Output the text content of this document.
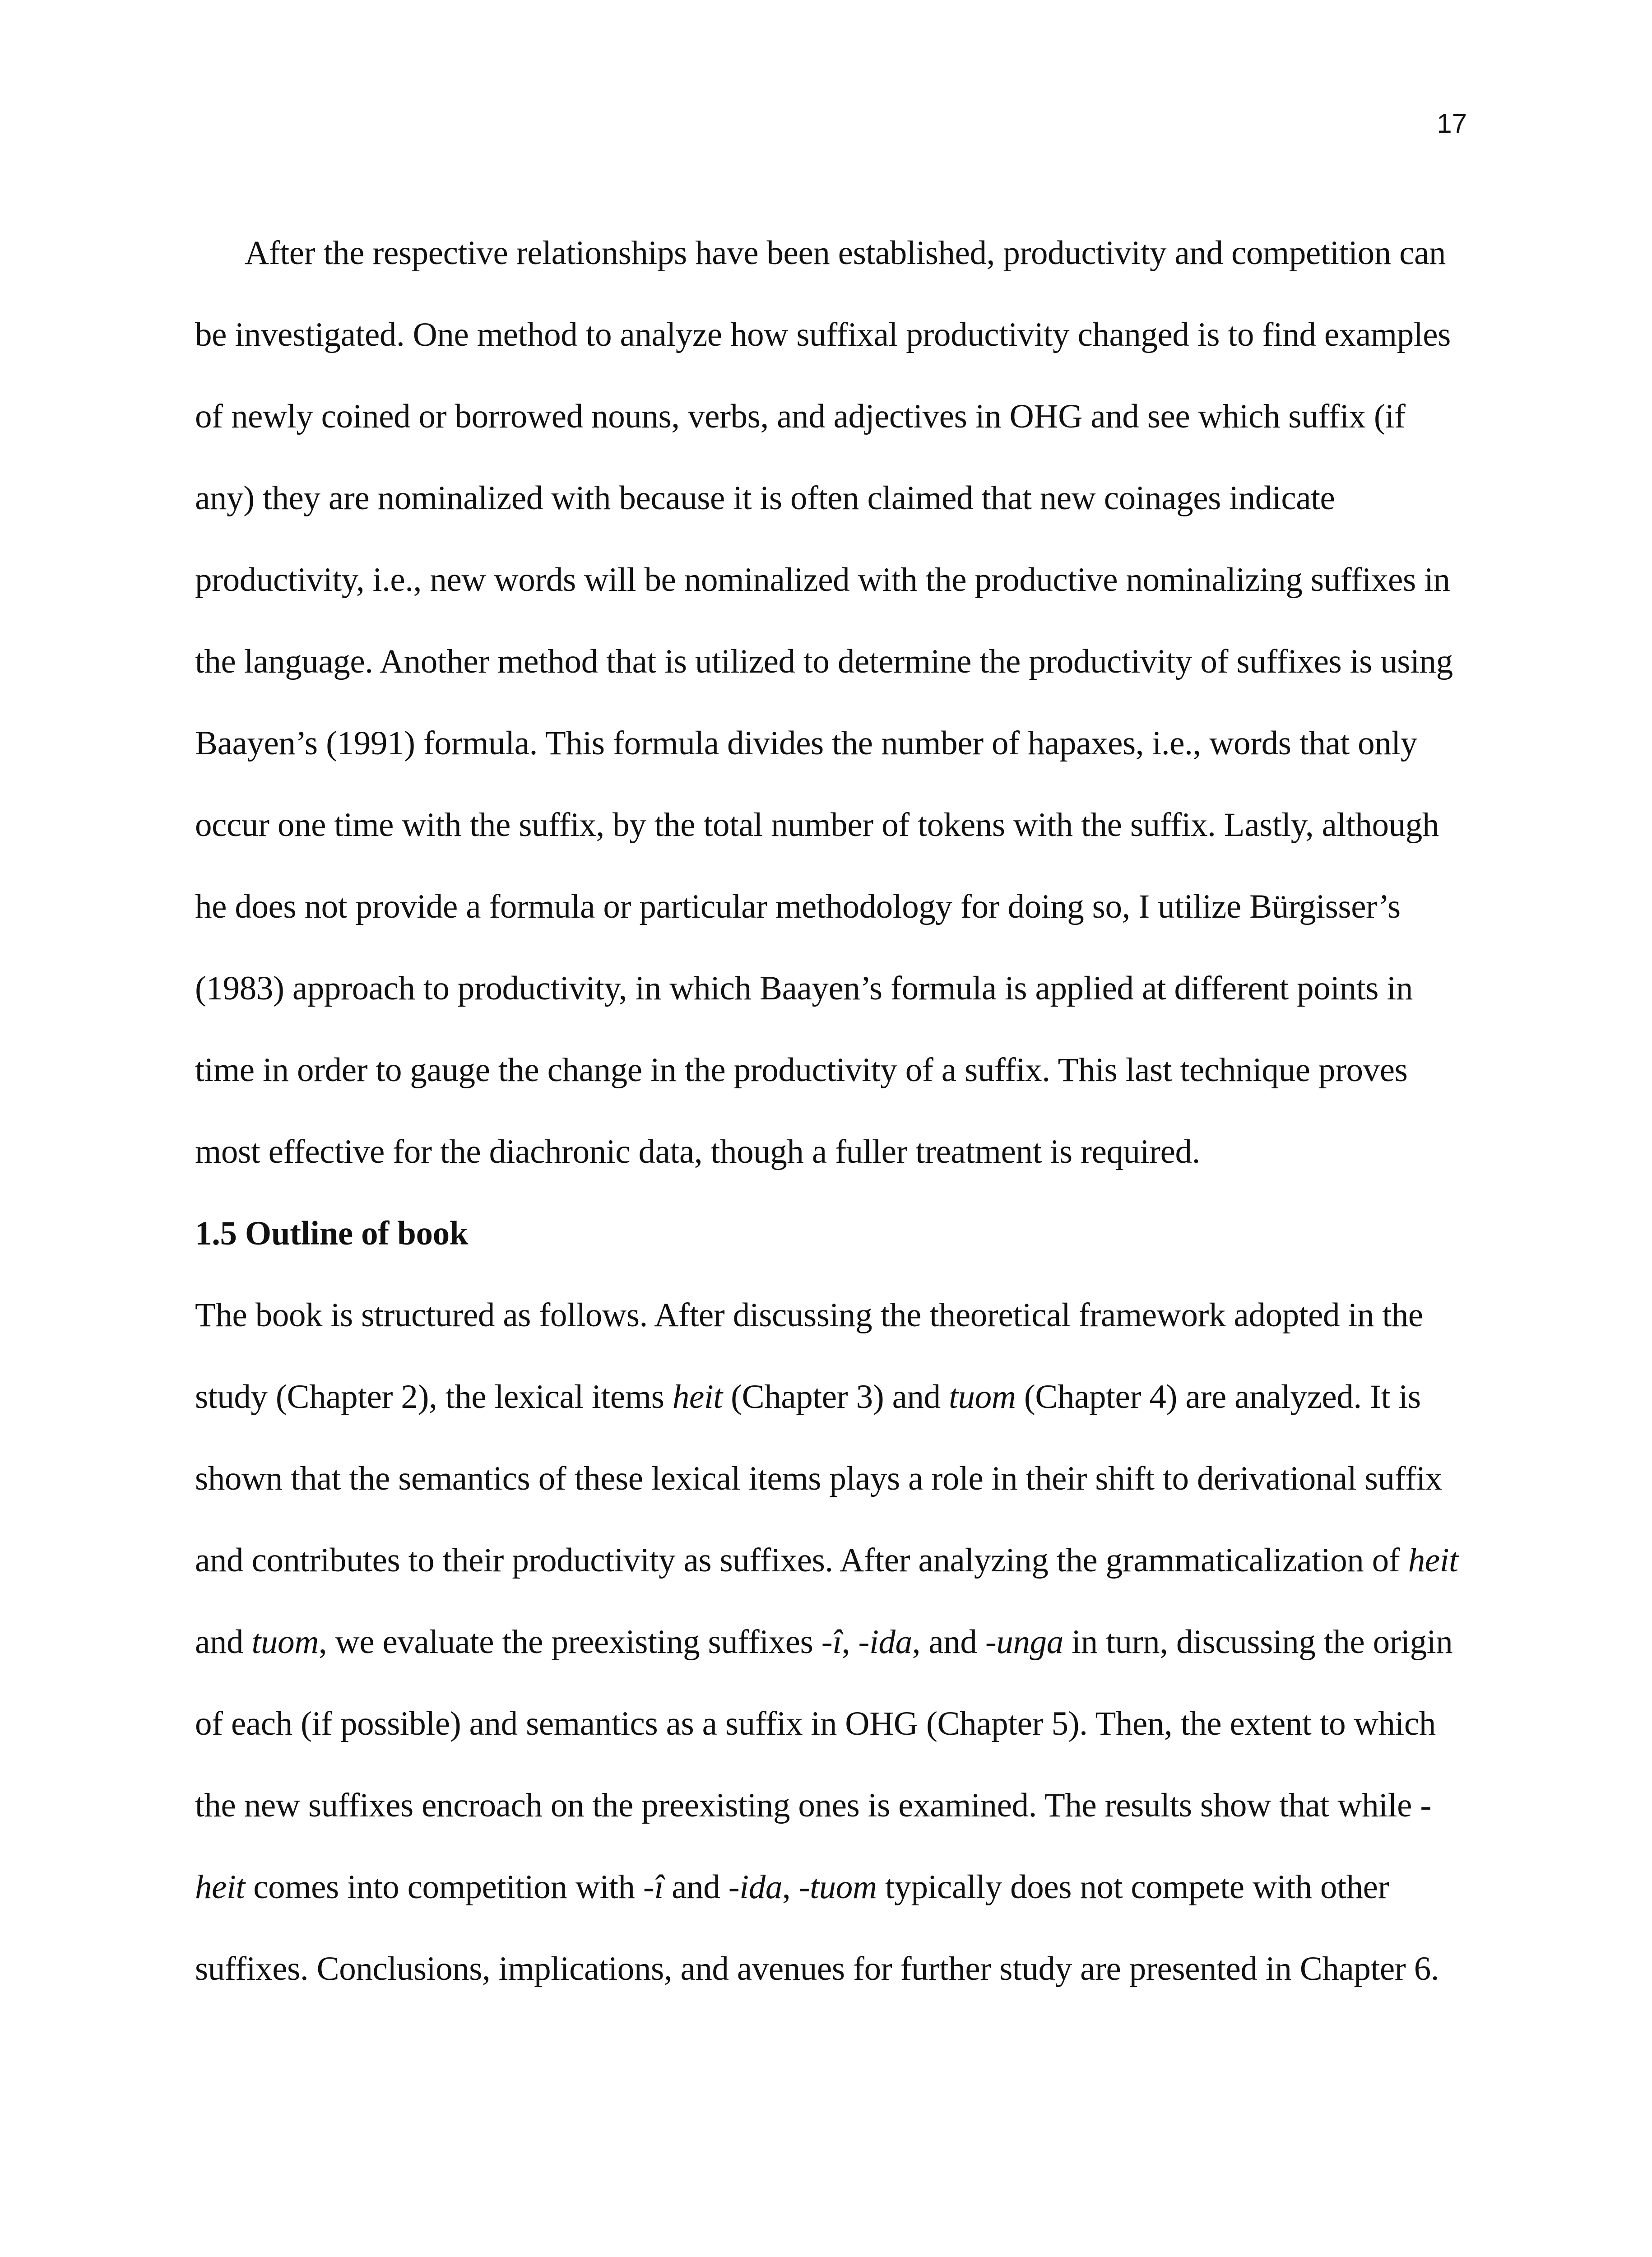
17

After the respective relationships have been established, productivity and competition can be investigated. One method to analyze how suffixal productivity changed is to find examples of newly coined or borrowed nouns, verbs, and adjectives in OHG and see which suffix (if any) they are nominalized with because it is often claimed that new coinages indicate productivity, i.e., new words will be nominalized with the productive nominalizing suffixes in the language. Another method that is utilized to determine the productivity of suffixes is using Baayen’s (1991) formula. This formula divides the number of hapaxes, i.e., words that only occur one time with the suffix, by the total number of tokens with the suffix. Lastly, although he does not provide a formula or particular methodology for doing so, I utilize Bürgisser’s (1983) approach to productivity, in which Baayen’s formula is applied at different points in time in order to gauge the change in the productivity of a suffix. This last technique proves most effective for the diachronic data, though a fuller treatment is required.

1.5 Outline of book

The book is structured as follows. After discussing the theoretical framework adopted in the study (Chapter 2), the lexical items heit (Chapter 3) and tuom (Chapter 4) are analyzed. It is shown that the semantics of these lexical items plays a role in their shift to derivational suffix and contributes to their productivity as suffixes. After analyzing the grammaticalization of heit and tuom, we evaluate the preexisting suffixes -î, -ida, and -unga in turn, discussing the origin of each (if possible) and semantics as a suffix in OHG (Chapter 5). Then, the extent to which the new suffixes encroach on the preexisting ones is examined. The results show that while -heit comes into competition with -î and -ida, -tuom typically does not compete with other suffixes. Conclusions, implications, and avenues for further study are presented in Chapter 6.
